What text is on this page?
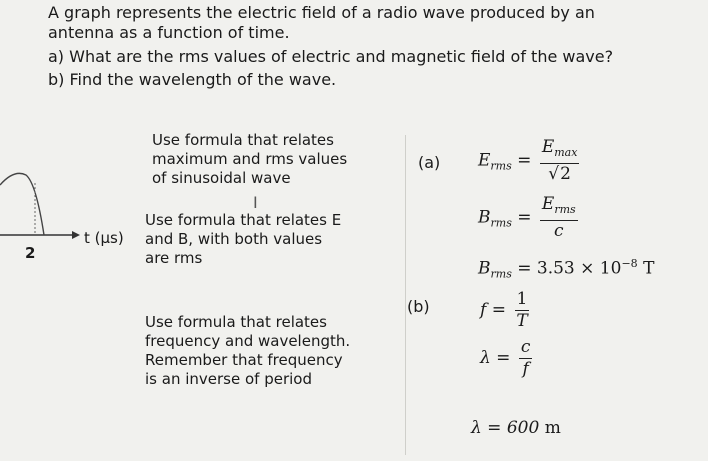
A graph represents the electric field of a radio wave produced by an
antenna as a function of time.
a) What are the rms values of electric and magnetic field of the wave?
b) Find the wavelength of the wave.
2
t (μs)
Use formula that relates
maximum and rms values
of sinusoidal wave
I
Use formula that relates E
and B, with both values
are rms
Use formula that relates
frequency and wavelength.
Remember that frequency
is an inverse of period
(a) $E_{rms} = \frac{E_{max}}{√2}$
$B_{rms} = \frac{E_{rms}}{c}$
$B_{rms} = 3.53 \times 10^{-8}$ T
(b)	$f = \frac{1}{T}$
$\lambda = \frac{c}{f}$
λ = 600 m
